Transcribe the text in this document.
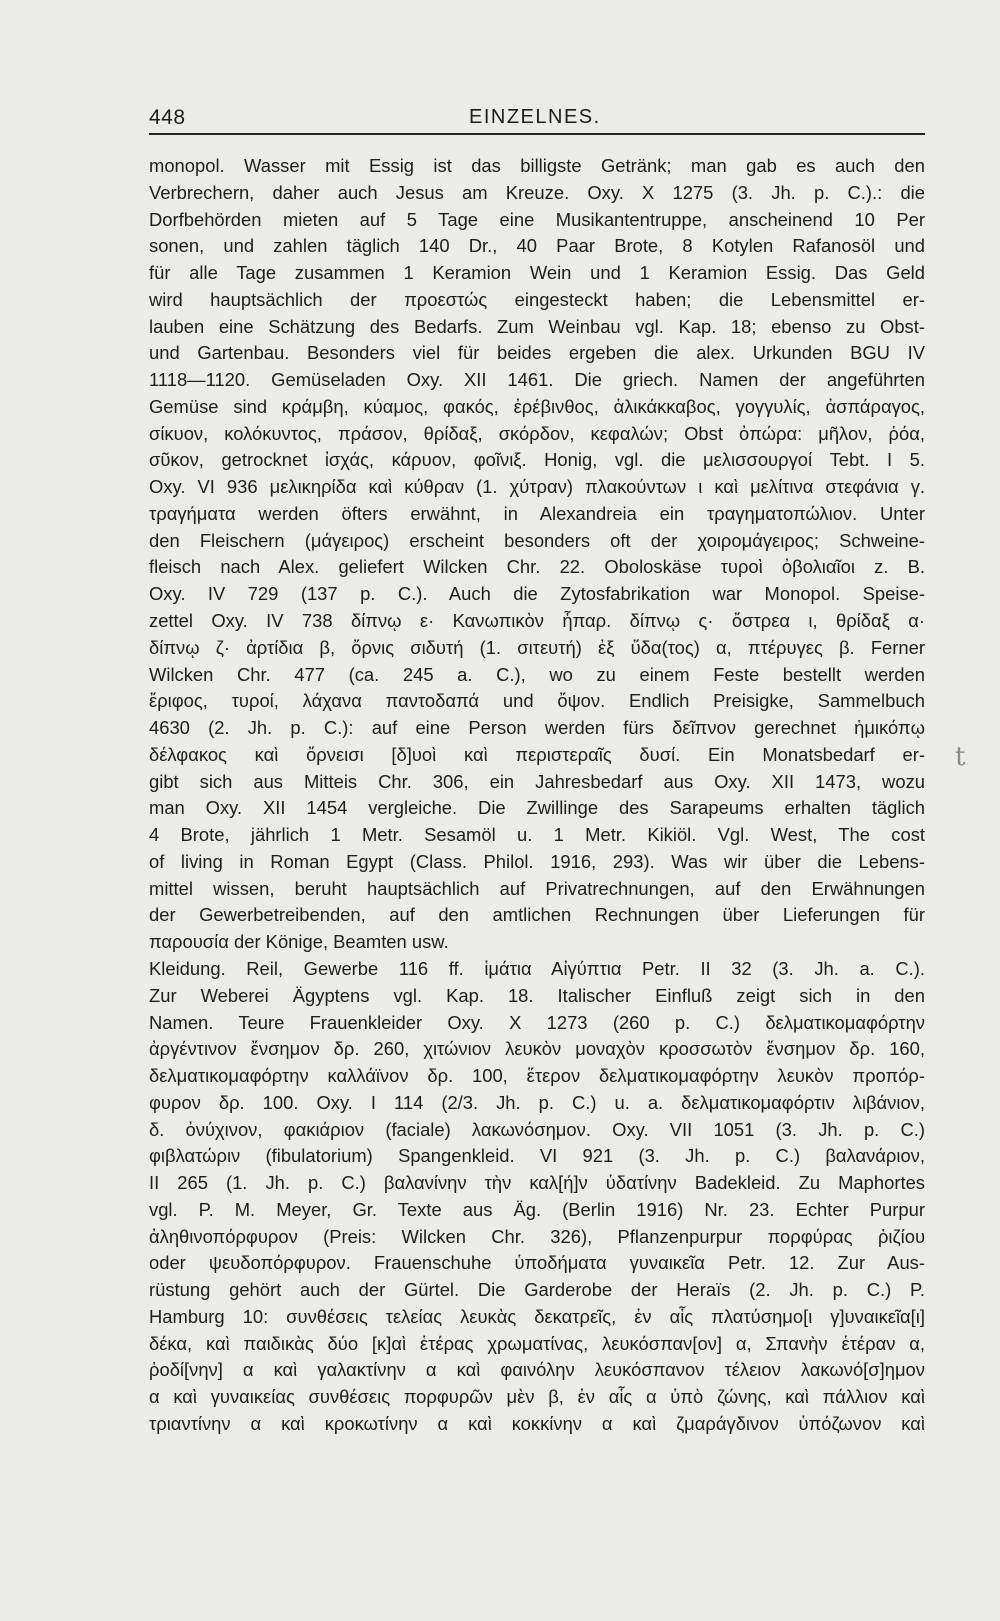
448	EINZELNES.
monopol. Wasser mit Essig ist das billigste Getränk; man gab es auch den
Verbrechern, daher auch Jesus am Kreuze. Oxy. X 1275 (3. Jh. p. C.).: die
Dorfbehörden mieten auf 5 Tage eine Musikantentruppe, anscheinend 10 Per
sonen, und zahlen täglich 140 Dr., 40 Paar Brote, 8 Kotylen Rafanosöl und
für alle Tage zusammen 1 Keramion Wein und 1 Keramion Essig. Das Geld
wird hauptsächlich der προεστώς eingesteckt haben; die Lebensmittel er-
lauben eine Schätzung des Bedarfs. Zum Weinbau vgl. Kap. 18; ebenso zu Obst-
und Gartenbau. Besonders viel für beides ergeben die alex. Urkunden BGU IV
1118—1120. Gemüseladen Oxy. XII 1461. Die griech. Namen der angeführten
Gemüse sind κράμβη, κύαμος, φακός, ἐρέβινθος, ἁλικάκκαβος, γογγυλίς, ἀσπάραγος,
σίκυον, κολόκυντος, πράσον, θρίδαξ, σκόρδον, κεφαλών; Obst ὀπώρα: μῆλον, ῥόα,
σῦκον, getrocknet ἰσχάς, κάρυον, φοῖνιξ. Honig, vgl. die μελισσουργοί Tebt. I 5.
Oxy. VI 936 μελικηρίδα καὶ κύθραν (1. χύτραν) πλακούντων ι καὶ μελίτινα στεφάνια γ.
τραγήματα werden öfters erwähnt, in Alexandreia ein τραγηματοπώλιον. Unter
den Fleischern (μάγειρος) erscheint besonders oft der χοιρομάγειρος; Schweine-
fleisch nach Alex. geliefert Wilcken Chr. 22. Oboloskäse τυροὶ ὀβολιαῖοι z. B.
Oxy. IV 729 (137 p. C.). Auch die Zytosfabrikation war Monopol. Speise-
zettel Oxy. IV 738 δίπνῳ ε· Κανωπικὸν ἧπαρ. δίπνῳ ς· ὄστρεα ι, θρίδαξ α·
δίπνῳ ζ· ἀρτίδια β, ὄρνις σιδυτή (1. σιτευτή) ἐξ ὕδα(τος) α, πτέρυγες β. Ferner
Wilcken Chr. 477 (ca. 245 a. C.), wo zu einem Feste bestellt werden
ἔριφος, τυροί, λάχανα παντοδαπά und ὄψον. Endlich Preisigke, Sammelbuch
4630 (2. Jh. p. C.): auf eine Person werden fürs δεῖπνον gerechnet ἡμικόπῳ
δέλφακος καὶ ὄρνεισι [δ]υοὶ καὶ περιστεραῖς δυσί. Ein Monatsbedarf er-
gibt sich aus Mitteis Chr. 306, ein Jahresbedarf aus Oxy. XII 1473, wozu
man Oxy. XII 1454 vergleiche. Die Zwillinge des Sarapeums erhalten täglich
4 Brote, jährlich 1 Metr. Sesamöl u. 1 Metr. Kikiöl. Vgl. West, The cost
of living in Roman Egypt (Class. Philol. 1916, 293). Was wir über die Lebens-
mittel wissen, beruht hauptsächlich auf Privatrechnungen, auf den Erwähnungen
der Gewerbetreibenden, auf den amtlichen Rechnungen über Lieferungen für
παρουσία der Könige, Beamten usw.
Kleidung. Reil, Gewerbe 116 ff. ἱμάτια Αἰγύπτια Petr. II 32 (3. Jh. a. C.).
Zur Weberei Ägyptens vgl. Kap. 18. Italischer Einfluß zeigt sich in den
Namen. Teure Frauenkleider Oxy. X 1273 (260 p. C.) δελματικομαφόρτην
ἀργέντινον ἔνσημον δρ. 260, χιτώνιον λευκὸν μοναχὸν κροσσωτὸν ἔνσημον δρ. 160,
δελματικομαφόρτην καλλάϊνον δρ. 100, ἕτερον δελματικομαφόρτην λευκὸν προπόρ-
φυρον δρ. 100. Oxy. I 114 (2/3. Jh. p. C.) u. a. δελματικομαφόρτιν λιβάνιον,
δ. ὀνύχινον, φακιάριον (faciale) λακωνόσημον. Oxy. VII 1051 (3. Jh. p. C.)
φιβλατώριν (fibulatorium) Spangenkleid. VI 921 (3. Jh. p. C.) βαλανάριον,
II 265 (1. Jh. p. C.) βαλανίνην τὴν καλ[ή]ν ὑδατίνην Badekleid. Zu Maphortes
vgl. P. M. Meyer, Gr. Texte aus Äg. (Berlin 1916) Nr. 23. Echter Purpur
ἀληθινοπόρφυρον (Preis: Wilcken Chr. 326), Pflanzenpurpur πορφύρας ῥιζίου
oder ψευδοπόρφυρον. Frauenschuhe ὑποδήματα γυναικεῖα Petr. 12. Zur Aus-
rüstung gehört auch der Gürtel. Die Garderobe der Heraïs (2. Jh. p. C.) P.
Hamburg 10: συνθέσεις τελείας λευκὰς δεκατρεῖς, ἐν αἷς πλατύσημο[ι γ]υναικεῖα[ι]
δέκα, καὶ παιδικὰς δύο [κ]αὶ ἑτέρας χρωματίνας, λευκόσπαν[ον] α, Σπανὴν ἑτέραν α,
ῥοδί[νην] α καὶ γαλακτίνην α καὶ φαινόλην λευκόσπανον τέλειον λακωνό[σ]ημον
α καὶ γυναικείας συνθέσεις πορφυρῶν μὲν β, ἐν αἷς α ὑπὸ ζώνης, καὶ πάλλιον καὶ
τριαντίνην α καὶ κροκωτίνην α καὶ κοκκίνην α καὶ ζμαράγδινον ὑπόζωνον καὶ
t
